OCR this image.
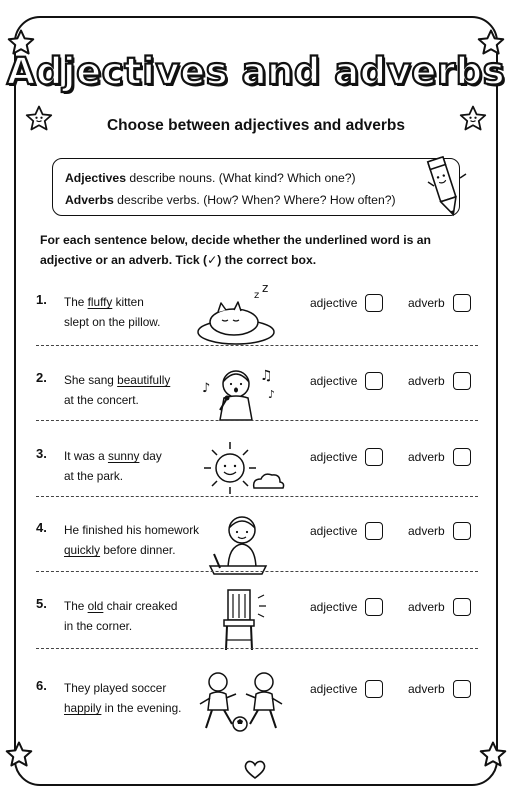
Adjectives and adverbs
Choose between adjectives and adverbs
Adjectives describe nouns. (What kind? Which one?)
Adverbs describe verbs. (How? When? Where? How often?)
For each sentence below, decide whether the underlined word is an adjective or an adverb. Tick (✓) the correct box.
1. The fluffy kitten
slept on the pillow.
z
z
adjective	adverb
2. She sang beautifully
at the concert.
♪
♫
♪
adjective	adverb
3. It was a sunny day
at the park.
adjective	adverb
4. He finished his homework
quickly before dinner.
adjective	adverb
5. The old chair creaked
in the corner.
adjective	adverb
6. They played soccer
happily in the evening.
adjective	adverb
